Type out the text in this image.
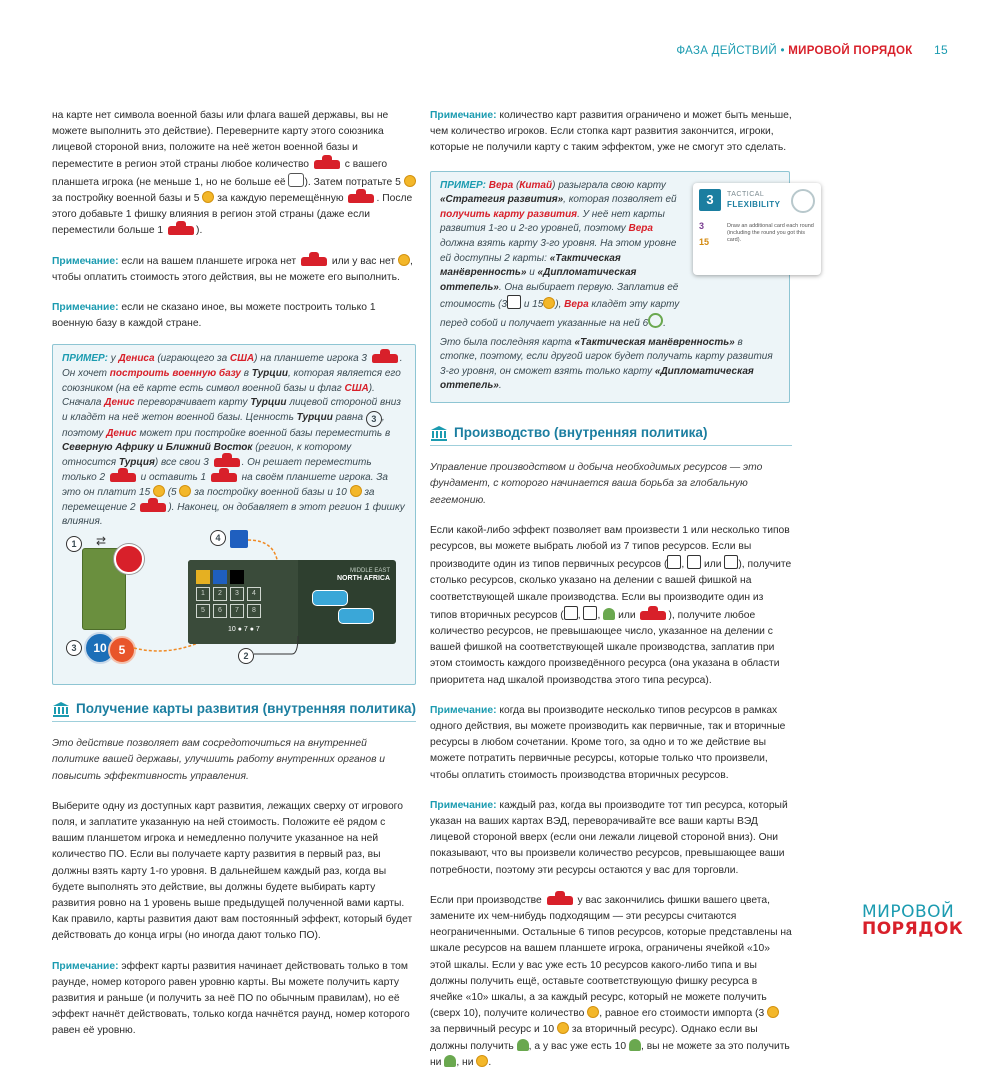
ФАЗА ДЕЙСТВИЙ • МИРОВОЙ ПОРЯДОК 15

на карте нет символа военной базы или флага вашей державы, вы не можете выполнить это действие). Переверните карту этого союзника лицевой стороной вниз, положите на неё жетон военной базы и переместите в регион этой страны любое количество	с вашего планшета игрока (не меньше 1, но не больше её ). Затем потратьте 5  за постройку военной базы и 5 за каждую перемещённую	. После этого добавьте 1 фишку влияния в регион этой страны (даже если переместили больше 1	).

Примечание: если на вашем планшете игрока нет	или у вас нет , чтобы оплатить стоимость этого действия, вы не можете его выполнить.

Примечание: если не сказано иное, вы можете построить только 1 военную базу в каждой стране.

ПРИМЕР: у Дениса (играющего за США) на планшете игрока 3	. Он хочет построить военную базу в Турции, которая является его союзником (на её карте есть символ военной базы и флаг США). Сначала Денис переворачивает карту Турции лицевой стороной вниз и кладёт на неё жетон военной базы. Ценность Турции равна 3 , поэтому Денис может при постройке военной базы переместить в Северную Африку и Ближний Восток (регион, к которому относится Турция) все свои 3	. Он решает переместить только 2	и оставить 1	на своём планшете игрока. За это он платит 15 (5 за постройку военной базы и 10 за перемещение 2	). Наконец, он добавляет в этот регион 1 фишку влияния.
1	⇄
3	10 5
4
MIDDLE EAST
NORTH AFRICA
1	2	3	4
5	6	7	8
10 ● 7 ● 7
2
Получение карты развития (внутренняя политика)

Это действие позволяет вам сосредоточиться на внутренней политике вашей державы, улучшить работу внутренних органов и повысить эффективность управления.

Выберите одну из доступных карт развития, лежащих сверху от игрового поля, и заплатите указанную на ней стоимость. Положите её рядом с вашим планшетом игрока и немедленно получите указанное на ней количество ПО. Если вы получаете карту развития в первый раз, вы должны взять карту 1-го уровня. В дальнейшем каждый раз, когда вы будете выполнять это действие, вы должны будете выбирать карту развития ровно на 1 уровень выше предыдущей полученной вами карты. Как правило, карты развития дают вам постоянный эффект, который будет действовать до конца игры (но иногда дают только ПО).

Примечание: эффект карты развития начинает действовать только в том раунде, номер которого равен уровню карты. Вы можете получить карту развития и раньше (и получить за неё ПО по обычным правилам), но её эффект начнёт действовать, только когда начнётся раунд, номер которого равен её уровню.

Примечание: количество карт развития ограничено и может быть меньше, чем количество игроков. Если стопка карт развития закончится, игроки, которые не получили карту с таким эффектом, уже не смогут это сделать.

ПРИМЕР: Вера (Китай) разыграла свою карту «Стратегия развития», которая позволяет ей получить карту развития. У неё нет карты развития 1-го и 2-го уровней, поэтому Вера должна взять карту 3-го уровня. На этом уровне ей доступны 2 карты: «Тактическая манёвренность» и «Дипломатическая оттепель». Она выбирает первую. Заплатив её стоимость (3 и 15 ), Вера кладёт эту карту перед собой и получает указанные на ней 6 .
Это была последняя карта «Тактическая манёвренность» в стопке, поэтому, если другой игрок будет получать карту развития 3-го уровня, он сможет взять только карту «Дипломатическая оттепель».
Производство (внутренняя политика)

Управление производством и добыча необходимых ресурсов — это фундамент, с которого начинается ваша борьба за глобальную гегемонию.

Если какой-либо эффект позволяет вам произвести 1 или несколько типов ресурсов, вы можете выбрать любой из 7 типов ресурсов. Если вы производите один из типов первичных ресурсов ( ,  или ), получите столько ресурсов, сколько указано на делении с вашей фишкой на соответствующей шкале производства. Если вы производите один из типов вторичных ресурсов ( , ,  или	), получите любое количество ресурсов, не превышающее число, указанное на делении с вашей фишкой на соответствующей шкале производства, заплатив при этом стоимость каждого произведённого ресурса (она указана в области приоритета над шкалой производства этого типа ресурса).

Примечание: когда вы производите несколько типов ресурсов в рамках одного действия, вы можете производить как первичные, так и вторичные ресурсы в любом сочетании. Кроме того, за одно и то же действие вы можете потратить первичные ресурсы, которые только что произвели, чтобы оплатить стоимость производства вторичных ресурсов.

Примечание: каждый раз, когда вы производите тот тип ресурса, который указан на ваших картах ВЭД, переворачивайте все ваши карты ВЭД лицевой стороной вверх (если они лежали лицевой стороной вниз). Они показывают, что вы произвели количество ресурсов, превышающее ваши потребности, поэтому эти ресурсы остаются у вас для торговли.

Если при производстве	у вас закончились фишки вашего цвета, замените их чем-нибудь подходящим — эти ресурсы считаются неограниченными. Остальные 6 типов ресурсов, которые представлены на шкале ресурсов на вашем планшете игрока, ограничены ячейкой «10» этой шкалы. Если у вас уже есть 10 ресурсов какого-либо типа и вы должны получить ещё, оставьте соответствующую фишку ресурса в ячейке «10» шкалы, а за каждый ресурс, который не можете получить (сверх 10), получите количество , равное его стоимости импорта (3  за первичный ресурс и 10 за вторичный ресурс). Однако если вы должны получить , а у вас уже есть 10 , вы не можете за это получить ни , ни .

3	TACTICAL
FLEXIBILITY
3
15
Draw an additional card each round (including the round you got this card).
МИРОВОЙ
ПОРЯДОК
